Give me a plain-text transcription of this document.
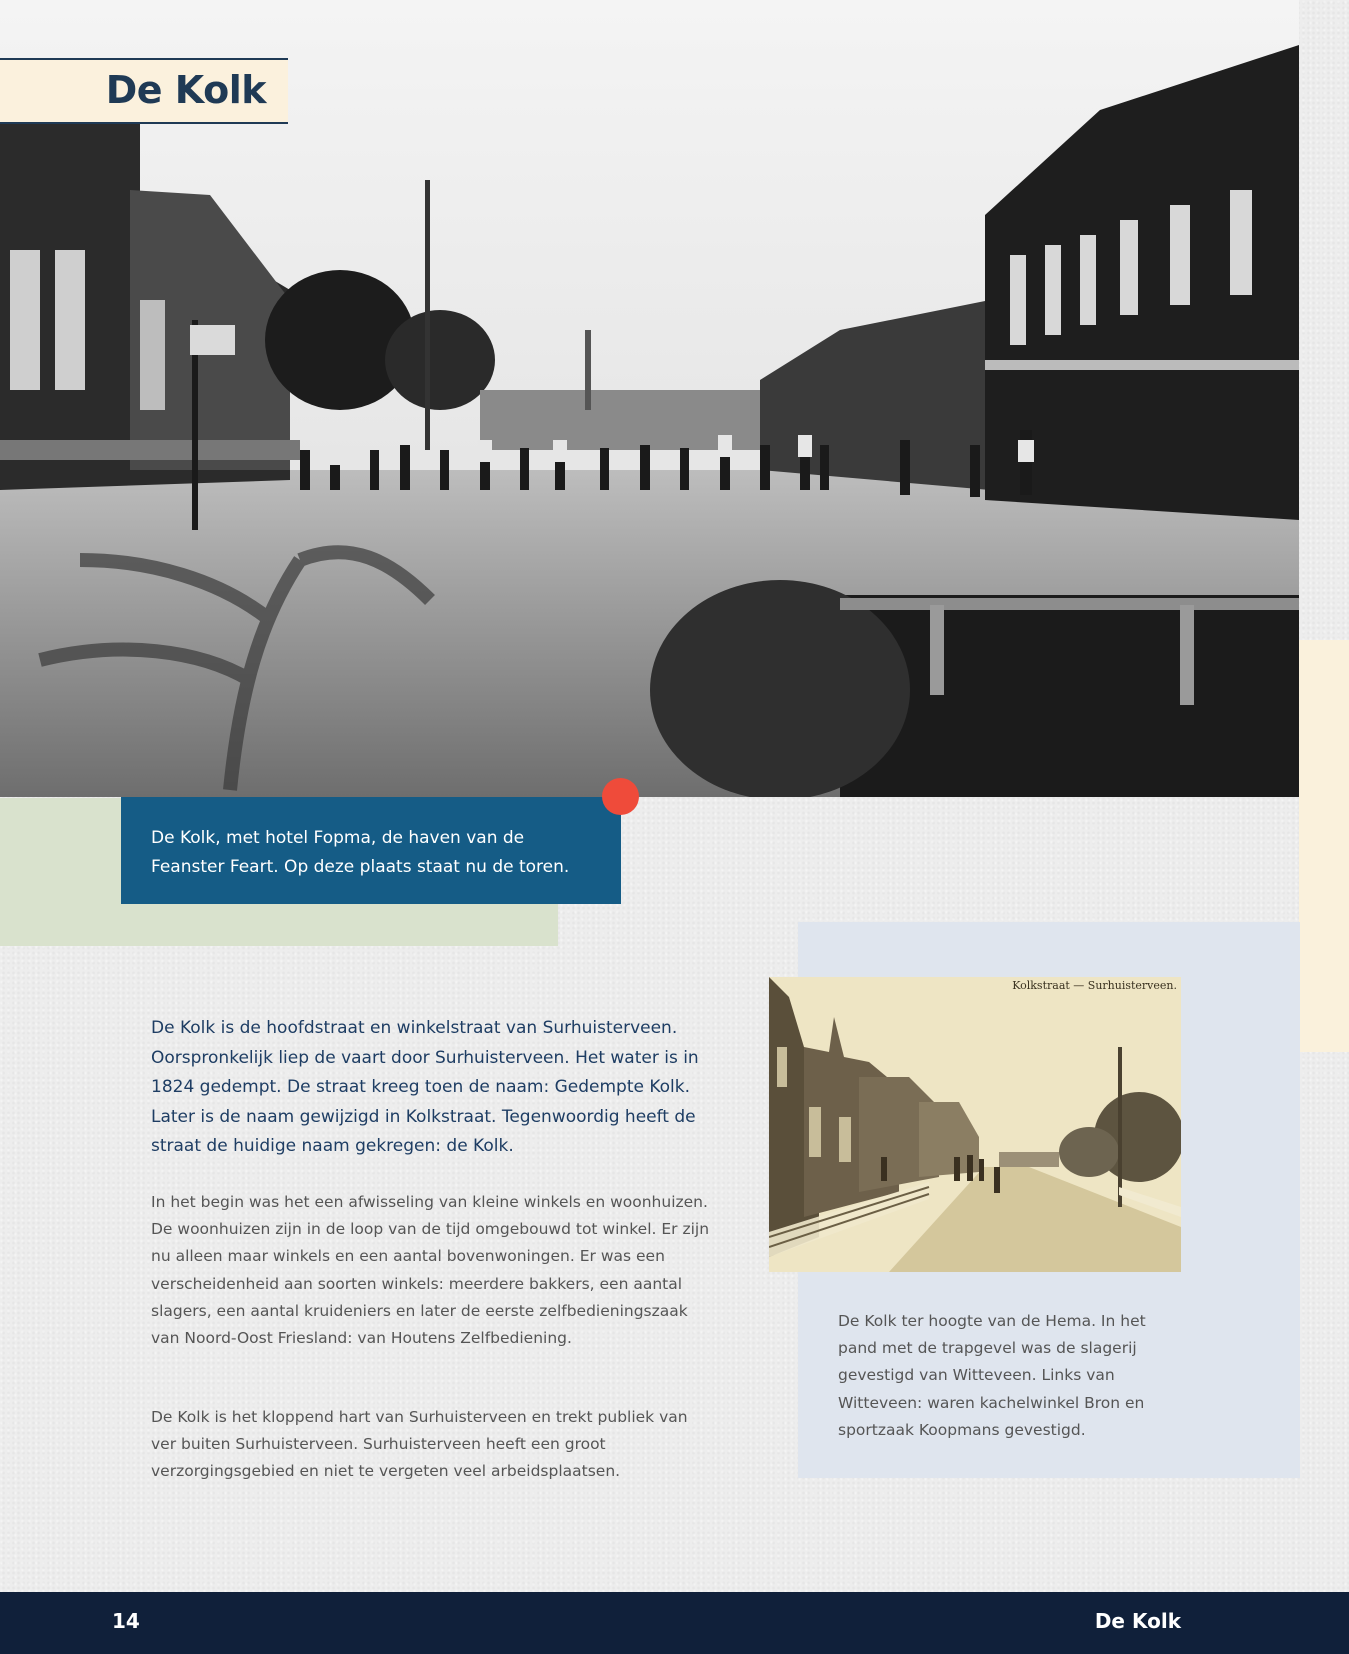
De Kolk
De Kolk, met hotel Fopma, de haven van de Feanster Feart. Op deze plaats staat nu de toren.

De Kolk is de hoofdstraat en winkelstraat van Surhuisterveen. Oorspronkelijk liep de vaart door Surhuisterveen. Het water is in 1824 gedempt. De straat kreeg toen de naam: Gedempte Kolk. Later is de naam gewijzigd in Kolkstraat. Tegenwoordig heeft de straat de huidige naam gekregen: de Kolk.

In het begin was het een afwisseling van kleine winkels en woonhuizen. De woonhuizen zijn in de loop van de tijd omgebouwd tot winkel. Er zijn nu alleen maar winkels en een aantal bovenwoningen. Er was een verscheidenheid aan soorten winkels: meerdere bakkers, een aantal slagers, een aantal kruideniers en later de eerste zelfbedieningszaak van Noord-Oost Friesland: van Houtens Zelfbediening.

De Kolk is het kloppend hart van Surhuisterveen en trekt publiek van ver buiten Surhuisterveen. Surhuisterveen heeft een groot verzorgingsgebied en niet te vergeten veel arbeidsplaatsen.

Kolkstraat — Surhuisterveen.

De Kolk ter hoogte van de Hema. In het pand met de trapgevel was de slagerij gevestigd van Witteveen. Links van Witteveen: waren kachelwinkel Bron en sportzaak Koopmans gevestigd.

14	De Kolk
